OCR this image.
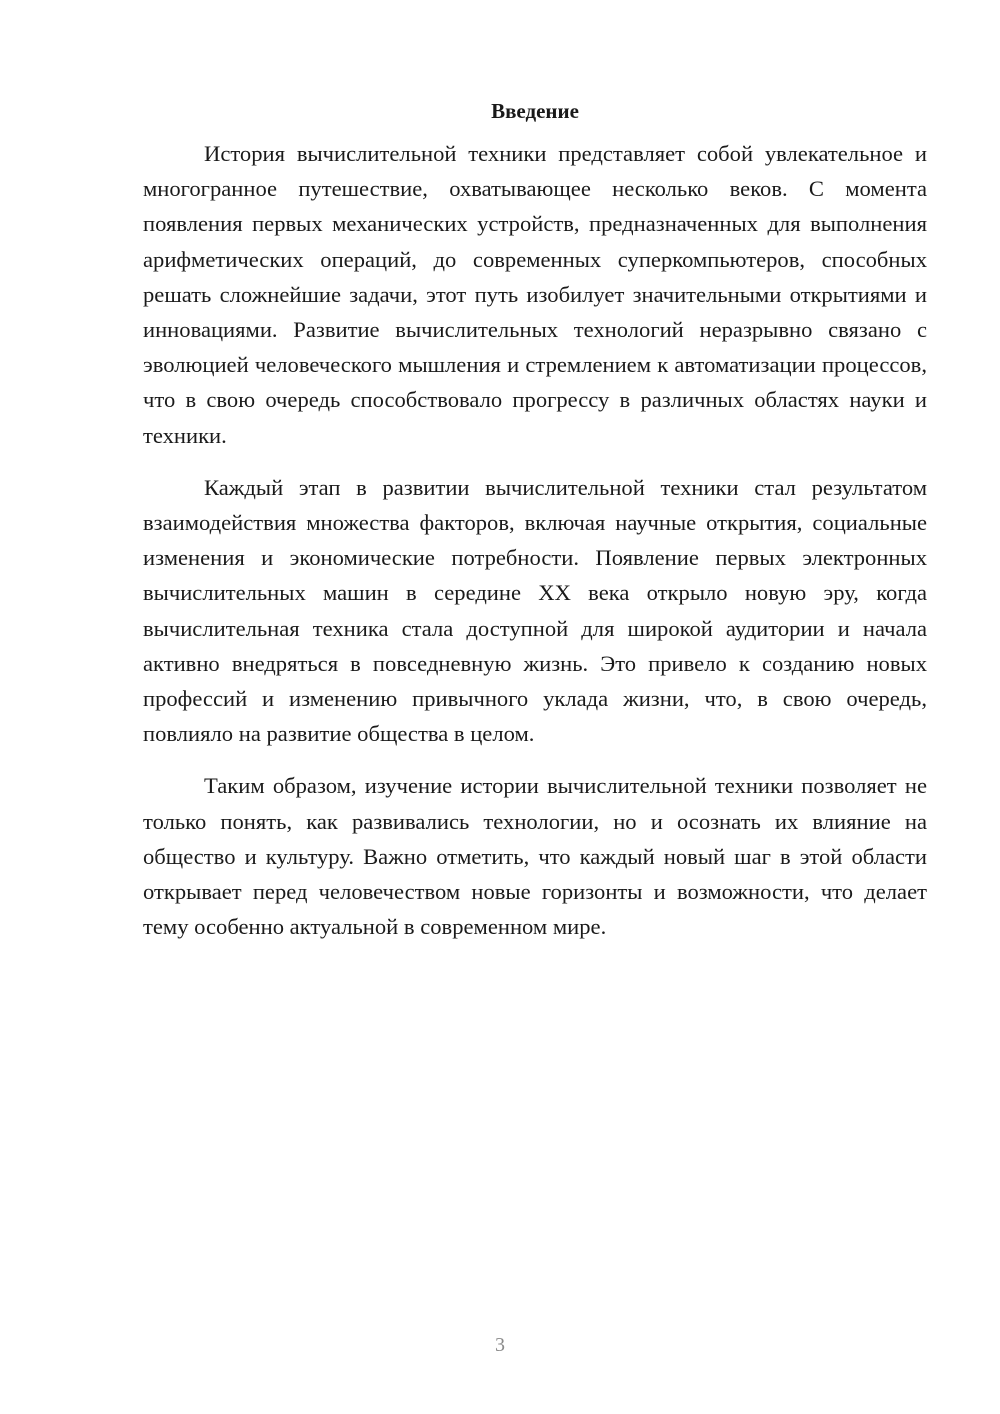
Введение

История вычислительной техники представляет собой увлекательное и многогранное путешествие, охватывающее несколько веков. С момента появления первых механических устройств, предназначенных для выполнения арифметических операций, до современных суперкомпьютеров, способных решать сложнейшие задачи, этот путь изобилует значительными открытиями и инновациями. Развитие вычислительных технологий неразрывно связано с эволюцией человеческого мышления и стремлением к автоматизации процессов, что в свою очередь способствовало прогрессу в различных областях науки и техники.

Каждый этап в развитии вычислительной техники стал результатом взаимодействия множества факторов, включая научные открытия, социальные изменения и экономические потребности. Появление первых электронных вычислительных машин в середине XX века открыло новую эру, когда вычислительная техника стала доступной для широкой аудитории и начала активно внедряться в повседневную жизнь. Это привело к созданию новых профессий и изменению привычного уклада жизни, что, в свою очередь, повлияло на развитие общества в целом.

Таким образом, изучение истории вычислительной техники позволяет не только понять, как развивались технологии, но и осознать их влияние на общество и культуру. Важно отметить, что каждый новый шаг в этой области открывает перед человечеством новые горизонты и возможности, что делает тему особенно актуальной в современном мире.

3
